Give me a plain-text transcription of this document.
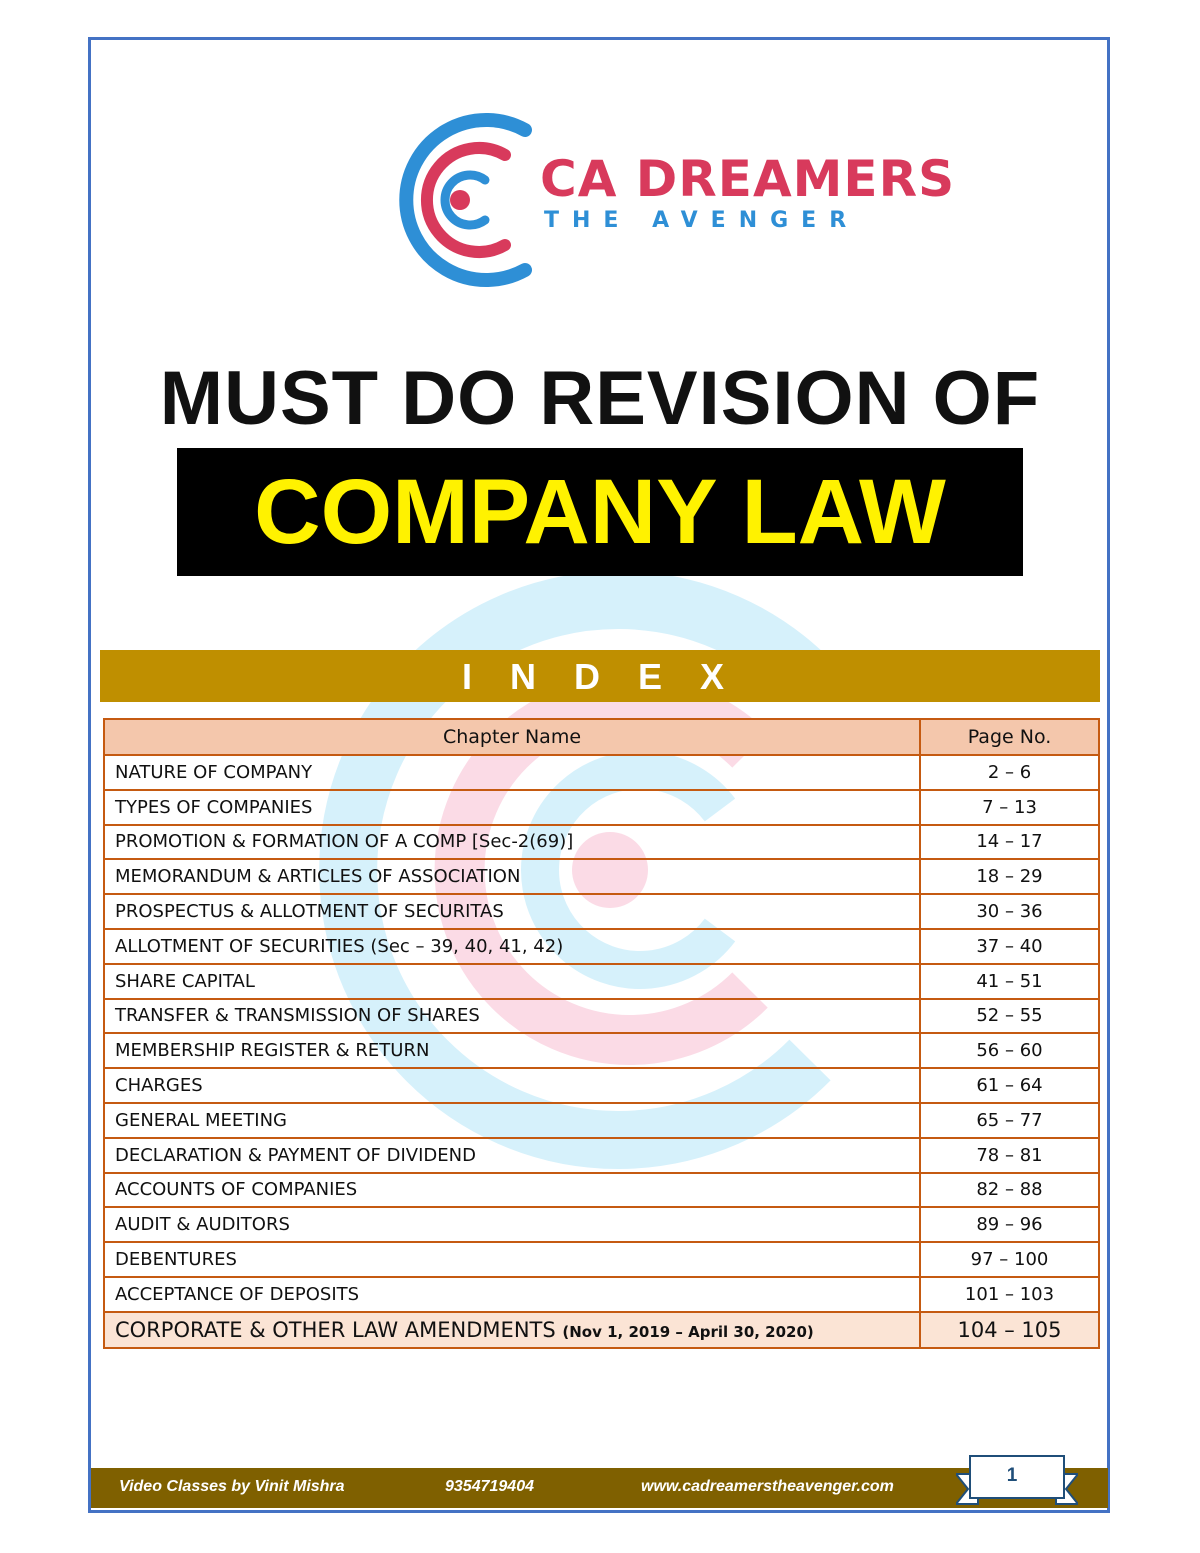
CA DREAMERS
THE AVENGER
MUST DO REVISION OF
COMPANY LAW
I N D E X
Chapter Name	Page No.
NATURE OF COMPANY	2 – 6
TYPES OF COMPANIES	7 – 13
PROMOTION & FORMATION OF A COMP [Sec-2(69)]	14 – 17
MEMORANDUM & ARTICLES OF ASSOCIATION	18 – 29
PROSPECTUS & ALLOTMENT OF SECURITAS	30 – 36
ALLOTMENT OF SECURITIES (Sec – 39, 40, 41, 42)	37 – 40
SHARE CAPITAL	41 – 51
TRANSFER & TRANSMISSION OF SHARES	52 – 55
MEMBERSHIP REGISTER & RETURN	56 – 60
CHARGES	61 – 64
GENERAL MEETING	65 – 77
DECLARATION & PAYMENT OF DIVIDEND	78 – 81
ACCOUNTS OF COMPANIES	82 – 88
AUDIT & AUDITORS	89 – 96
DEBENTURES	97 – 100
ACCEPTANCE OF DEPOSITS	101 – 103
CORPORATE & OTHER LAW AMENDMENTS (Nov 1, 2019 – April 30, 2020)	104 – 105
Video Classes by Vinit Mishra	9354719404	www.cadreamerstheavenger.com
1
